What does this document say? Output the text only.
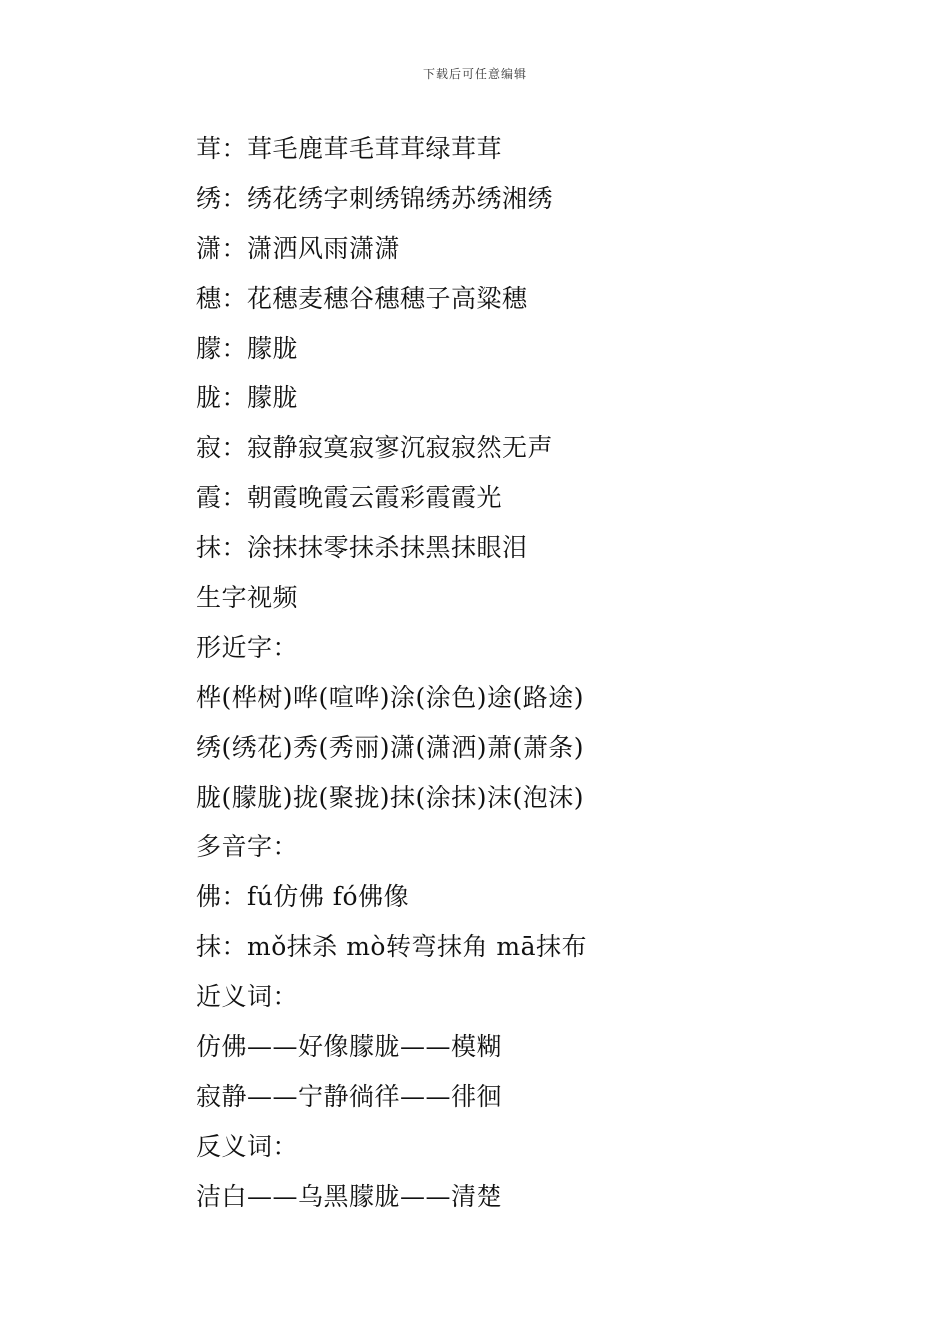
下载后可任意编辑
茸：茸毛鹿茸毛茸茸绿茸茸
绣：绣花绣字刺绣锦绣苏绣湘绣
潇：潇洒风雨潇潇
穗：花穗麦穗谷穗穗子高粱穗
朦：朦胧
胧：朦胧
寂：寂静寂寞寂寥沉寂寂然无声
霞：朝霞晚霞云霞彩霞霞光
抹：涂抹抹零抹杀抹黑抹眼泪
生字视频
形近字：
桦(桦树)哗(喧哗)涂(涂色)途(路途)
绣(绣花)秀(秀丽)潇(潇洒)萧(萧条)
胧(朦胧)拢(聚拢)抹(涂抹)沫(泡沫)
多音字：
佛：fú仿佛 fó佛像
抹：mǒ抹杀 mò转弯抹角 mā抹布
近义词：
仿佛——好像朦胧——模糊
寂静——宁静徜徉——徘徊
反义词：
洁白——乌黑朦胧——清楚
